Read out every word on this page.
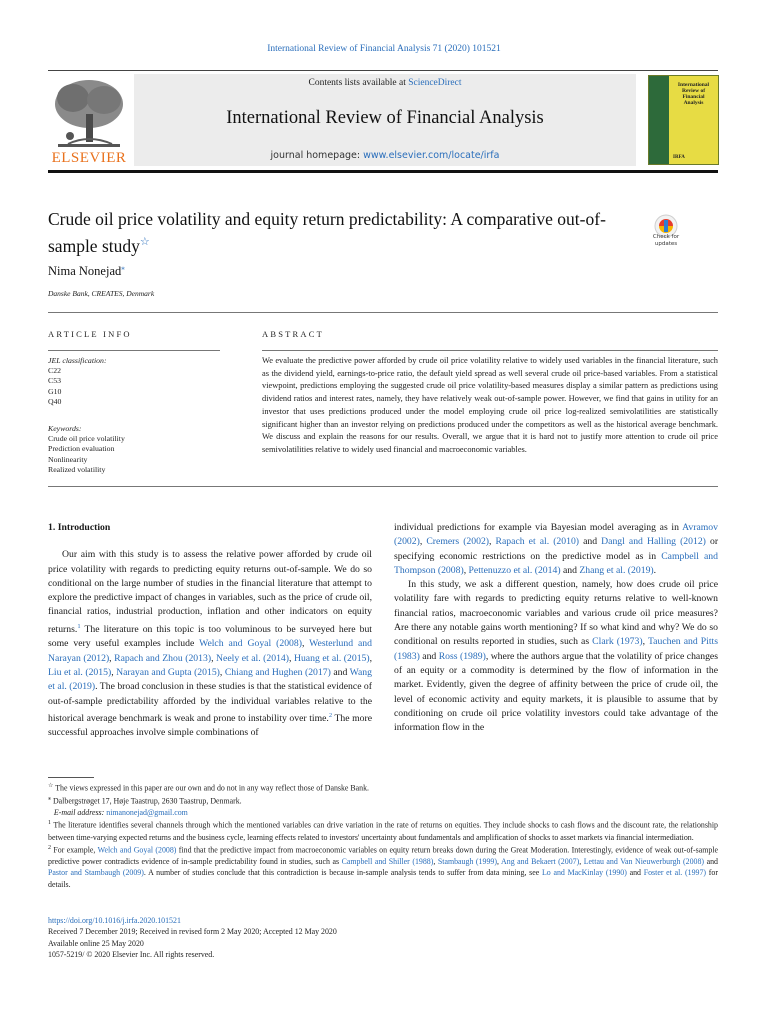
International Review of Financial Analysis 71 (2020) 101521
ELSEVIER
Contents lists available at ScienceDirect
International Review of Financial Analysis
journal homepage: www.elsevier.com/locate/irfa
International
Review of
Financial
Analysis
IRFA
Crude oil price volatility and equity return predictability: A comparative out-of-sample study☆	Check for updates
Nima Nonejad⁎
Danske Bank, CREATES, Denmark
ARTICLE INFO	ABSTRACT
JEL classification:
C22
C53
G10
Q40
Keywords:
Crude oil price volatility
Prediction evaluation
Nonlinearity
Realized volatility
We evaluate the predictive power afforded by crude oil price volatility relative to widely used variables in the financial literature, such as the dividend yield, earnings-to-price ratio, the default yield spread as well several crude oil price-based variables. From a statistical viewpoint, predictions employing the suggested crude oil price volatility-based measures display a similar pattern as predictions using dividend ratios and interest rates, namely, they have relatively weak out-of-sample power. However, we find that gains in utility for an investor that uses predictions produced under the model employing crude oil price log-realized semivolatilities are statistically significant higher than an investor relying on predictions produced under the competitors as well as the historical average benchmark. We discuss and explain the reasons for our results. Overall, we argue that it is hard not to justify more attention to crude oil price semivolatilities relative to widely used financial and macroeconomic variables.

1. Introduction

Our aim with this study is to assess the relative power afforded by crude oil price volatility with regards to predicting equity returns out-of-sample. We do so conditional on the large number of studies in the financial literature that attempt to explore the predictive impact of changes in variables, such as the price of crude oil, financial ratios, industrial production, inflation and other indicators on equity returns.$^1$ The literature on this topic is too voluminous to be surveyed here but some very useful examples include Welch and Goyal (2008), Westerlund and Narayan (2012), Rapach and Zhou (2013), Neely et al. (2014), Huang et al. (2015), Liu et al. (2015), Narayan and Gupta (2015), Chiang and Hughen (2017) and Wang et al. (2019). The broad conclusion in these studies is that the statistical evidence of out-of-sample predictability afforded by the individual variables relative to the historical average benchmark is weak and prone to instability over time.$^2$ The more successful approaches involve simple combinations of

individual predictions for example via Bayesian model averaging as in Avramov (2002), Cremers (2002), Rapach et al. (2010) and Dangl and Halling (2012) or specifying economic restrictions on the predictive model as in Campbell and Thompson (2008), Pettenuzzo et al. (2014) and Zhang et al. (2019).

In this study, we ask a different question, namely, how does crude oil price volatility fare with regards to predicting equity returns relative to well-known financial ratios, macroeconomic variables and various crude oil price measures? Are there any notable gains worth mentioning? If so what kind and why? We do so conditional on results reported in studies, such as Clark (1973), Tauchen and Pitts (1983) and Ross (1989), where the authors argue that the volatility of price changes of an equity or a commodity is determined by the flow of information in the market. Evidently, given the degree of affinity between the price of crude oil, the level of economic activity and equity markets, it is plausible to assume that by conditioning on crude oil price volatility investors could take advantage of the information flow in the

☆ The views expressed in this paper are our own and do not in any way reflect those of Danske Bank.

⁎ Dalbergstrøget 17, Høje Taastrup, 2630 Taastrup, Denmark.

E-mail address: nimanonejad@gmail.com

$^1$ The literature identifies several channels through which the mentioned variables can drive variation in the rate of returns on equities. They include shocks to cash flows and the discount rate, the relationship between time-varying expected returns and the business cycle, learning effects related to investors' uncertainty about fundamentals and amplification of shocks to asset markets via financial intermediation.

$^2$ For example, Welch and Goyal (2008) find that the predictive impact from macroeconomic variables on equity return breaks down during the Great Moderation. Interestingly, evidence of weak out-of-sample predictive power contradicts evidence of in-sample predictability found in studies, such as Campbell and Shiller (1988), Stambaugh (1999), Ang and Bekaert (2007), Lettau and Van Nieuwerburgh (2008) and Pastor and Stambaugh (2009). A number of studies conclude that this contradiction is because in-sample analysis tends to suffer from data mining, see Lo and MacKinlay (1990) and Foster et al. (1997) for details.

https://doi.org/10.1016/j.irfa.2020.101521

Received 7 December 2019; Received in revised form 2 May 2020; Accepted 12 May 2020

Available online 25 May 2020

1057-5219/ © 2020 Elsevier Inc. All rights reserved.
